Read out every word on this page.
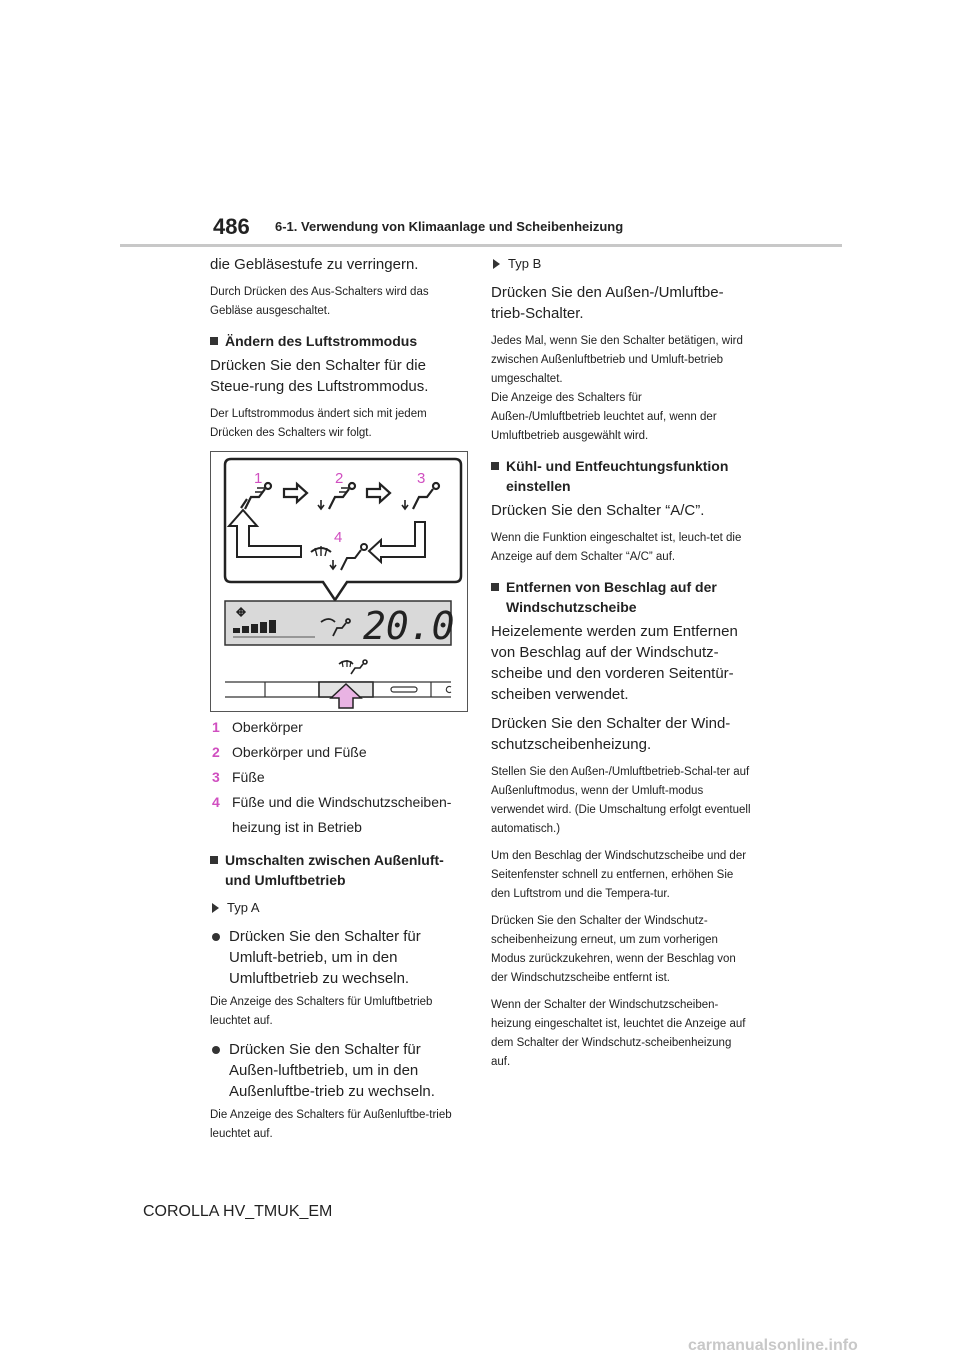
486 6-1. Verwendung von Klimaanlage und Scheibenheizung

die Gebläsestufe zu verringern.

Durch Drücken des Aus-Schalters wird das Gebläse ausgeschaltet.

Ändern des Luftstrommodus

Drücken Sie den Schalter für die Steue-rung des Luftstrommodus.

Der Luftstrommodus ändert sich mit jedem Drücken des Schalters wir folgt.

1	2	3
4
20.0
1 Oberkörper
2 Oberkörper und Füße
3 Füße
4 Füße und die Windschutzscheiben-heizung ist in Betrieb
Umschalten zwischen Außenluft- und Umluftbetrieb
Typ A
Drücken Sie den Schalter für Umluft-betrieb, um in den Umluftbetrieb zu wechseln.

Die Anzeige des Schalters für Umluftbetrieb leuchtet auf.

Drücken Sie den Schalter für Außen-luftbetrieb, um in den Außenluftbe-trieb zu wechseln.

Die Anzeige des Schalters für Außenluftbe-trieb leuchtet auf.

Typ B

Drücken Sie den Außen-/Umluftbe-trieb-Schalter.

Jedes Mal, wenn Sie den Schalter betätigen, wird zwischen Außenluftbetrieb und Umluft-betrieb umgeschaltet.

Die Anzeige des Schalters für Außen-/Umluftbetrieb leuchtet auf, wenn der Umluftbetrieb ausgewählt wird.

Kühl- und Entfeuchtungsfunktion einstellen

Drücken Sie den Schalter “A/C”.

Wenn die Funktion eingeschaltet ist, leuch-tet die Anzeige auf dem Schalter “A/C” auf.

Entfernen von Beschlag auf der Windschutzscheibe

Heizelemente werden zum Entfernen von Beschlag auf der Windschutz-scheibe und den vorderen Seitentür-scheiben verwendet.

Drücken Sie den Schalter der Wind-schutzscheibenheizung.

Stellen Sie den Außen-/Umluftbetrieb-Schal-ter auf Außenluftmodus, wenn der Umluft-modus verwendet wird. (Die Umschaltung erfolgt eventuell automatisch.)

Um den Beschlag der Windschutzscheibe und der Seitenfenster schnell zu entfernen, erhöhen Sie den Luftstrom und die Tempera-tur.

Drücken Sie den Schalter der Windschutz-scheibenheizung erneut, um zum vorherigen Modus zurückzukehren, wenn der Beschlag von der Windschutzscheibe entfernt ist.

Wenn der Schalter der Windschutzscheiben-heizung eingeschaltet ist, leuchtet die Anzeige auf dem Schalter der Windschutz-scheibenheizung auf.

COROLLA HV_TMUK_EM
carmanualsonline.info
